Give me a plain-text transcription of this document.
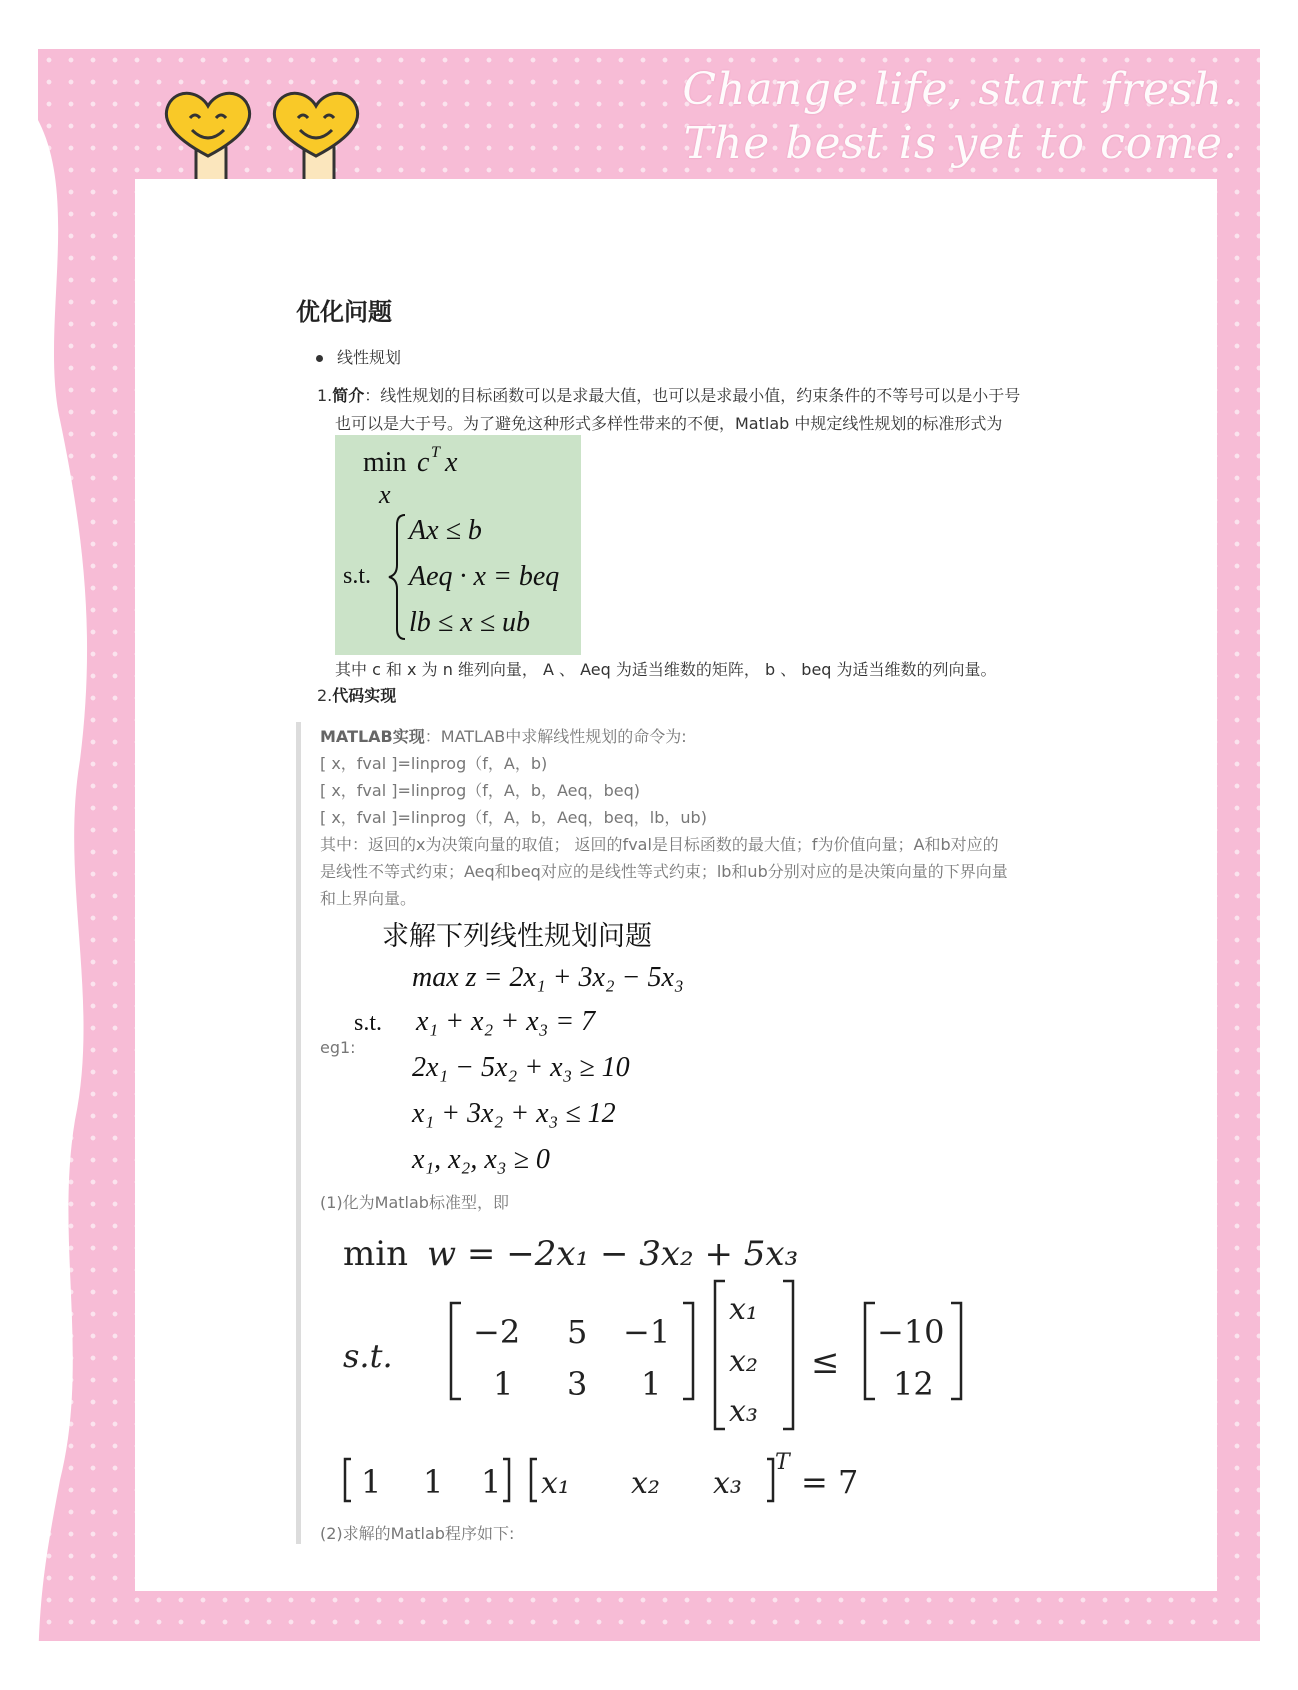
Change life, start fresh.
The best is yet to come.
优化问题
线性规划
1.简介：线性规划的目标函数可以是求最大值，也可以是求最小值，约束条件的不等号可以是小于号
也可以是大于号。为了避免这种形式多样性带来的不便，Matlab 中规定线性规划的标准形式为
min c T x
x
s.t.
Ax ≤ b
Aeq · x = beq
lb ≤ x ≤ ub
其中 c 和 x 为 n 维列向量， A 、 Aeq 为适当维数的矩阵， b 、 beq 为适当维数的列向量。
2.代码实现
MATLAB实现：MATLAB中求解线性规划的命令为:
[ x，fval ]=linprog（f，A，b)
[ x，fval ]=linprog（f，A，b，Aeq，beq)
[ x，fval ]=linprog（f，A，b，Aeq，beq，lb，ub)
其中：返回的x为决策向量的取值； 返回的fval是目标函数的最大值；f为价值向量；A和b对应的
是线性不等式约束；Aeq和beq对应的是线性等式约束；lb和ub分别对应的是决策向量的下界向量
和上界向量。
eg1:
求解下列线性规划问题
max z = 2x₁ + 3x₂ − 5x₃
s.t. x₁ + x₂ + x₃ = 7
2x₁ − 5x₂ + x₃ ≥ 10
x₁ + 3x₂ + x₃ ≤ 12
x₁, x₂, x₃ ≥ 0
(1)化为Matlab标准型，即
min w = −2x₁ − 3x₂ + 5x₃
s.t.
−2 5 −1
1 3 1
x₁
x₂
x₃
≤
−10
12
1 1 1 x₁ x₂ x₃
T
= 7
(2)求解的Matlab程序如下:
